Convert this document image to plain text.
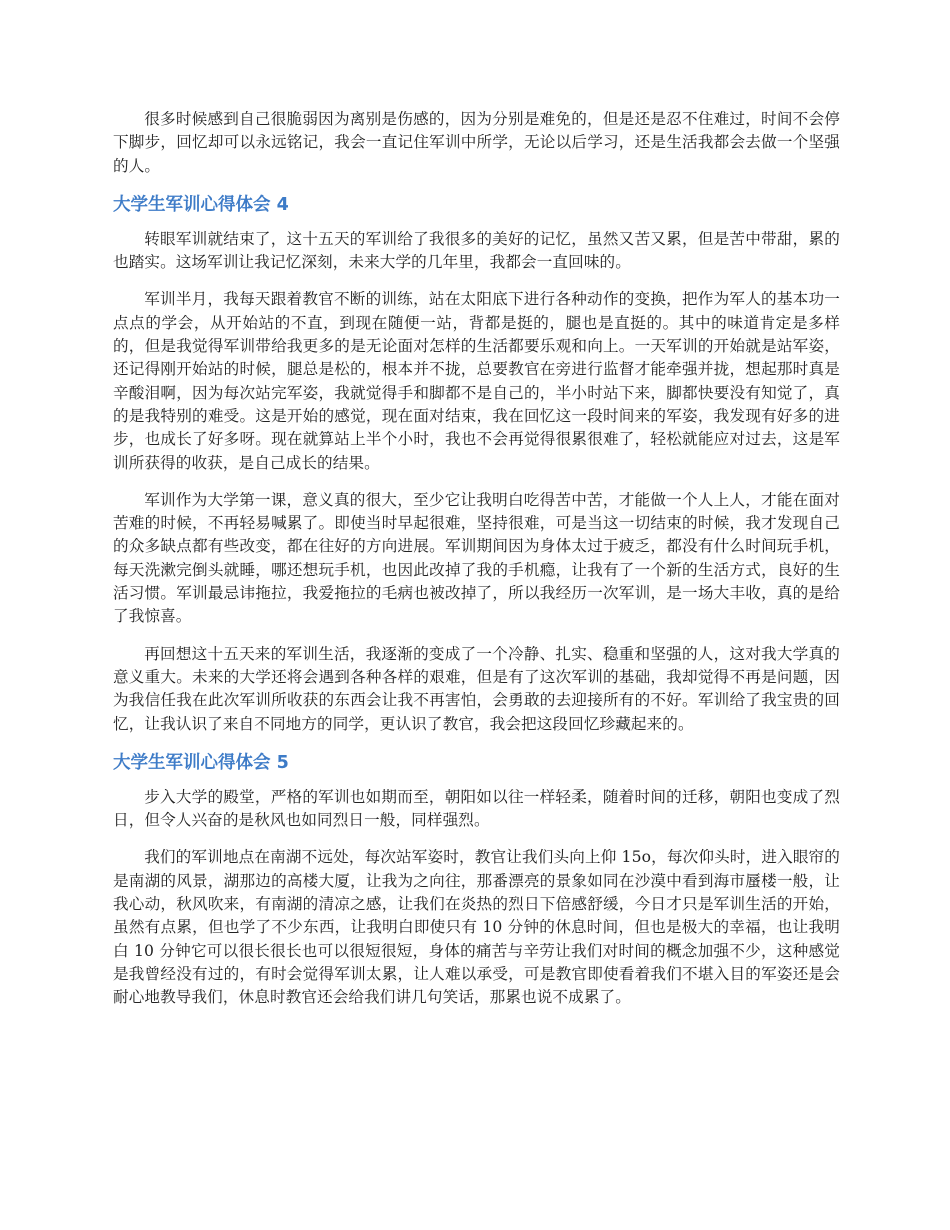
很多时候感到自己很脆弱因为离别是伤感的，因为分别是难免的，但是还是忍不住难过，时间不会停下脚步，回忆却可以永远铭记，我会一直记住军训中所学，无论以后学习，还是生活我都会去做一个坚强的人。

大学生军训心得体会 4

转眼军训就结束了，这十五天的军训给了我很多的美好的记忆，虽然又苦又累，但是苦中带甜，累的也踏实。这场军训让我记忆深刻，未来大学的几年里，我都会一直回味的。

军训半月，我每天跟着教官不断的训练，站在太阳底下进行各种动作的变换，把作为军人的基本功一点点的学会，从开始站的不直，到现在随便一站，背都是挺的，腿也是直挺的。其中的味道肯定是多样的，但是我觉得军训带给我更多的是无论面对怎样的生活都要乐观和向上。一天军训的开始就是站军姿，还记得刚开始站的时候，腿总是松的，根本并不拢，总要教官在旁进行监督才能牵强并拢，想起那时真是辛酸泪啊，因为每次站完军姿，我就觉得手和脚都不是自己的，半小时站下来，脚都快要没有知觉了，真的是我特别的难受。这是开始的感觉，现在面对结束，我在回忆这一段时间来的军姿，我发现有好多的进步，也成长了好多呀。现在就算站上半个小时，我也不会再觉得很累很难了，轻松就能应对过去，这是军训所获得的收获，是自己成长的结果。

军训作为大学第一课，意义真的很大，至少它让我明白吃得苦中苦，才能做一个人上人，才能在面对苦难的时候，不再轻易喊累了。即使当时早起很难，坚持很难，可是当这一切结束的时候，我才发现自己的众多缺点都有些改变，都在往好的方向进展。军训期间因为身体太过于疲乏，都没有什么时间玩手机，每天洗漱完倒头就睡，哪还想玩手机，也因此改掉了我的手机瘾，让我有了一个新的生活方式，良好的生活习惯。军训最忌讳拖拉，我爱拖拉的毛病也被改掉了，所以我经历一次军训，是一场大丰收，真的是给了我惊喜。

再回想这十五天来的军训生活，我逐渐的变成了一个冷静、扎实、稳重和坚强的人，这对我大学真的意义重大。未来的大学还将会遇到各种各样的艰难，但是有了这次军训的基础，我却觉得不再是问题，因为我信任我在此次军训所收获的东西会让我不再害怕，会勇敢的去迎接所有的不好。军训给了我宝贵的回忆，让我认识了来自不同地方的同学，更认识了教官，我会把这段回忆珍藏起来的。

大学生军训心得体会 5

步入大学的殿堂，严格的军训也如期而至，朝阳如以往一样轻柔，随着时间的迁移，朝阳也变成了烈日，但令人兴奋的是秋风也如同烈日一般，同样强烈。

我们的军训地点在南湖不远处，每次站军姿时，教官让我们头向上仰 15o，每次仰头时，进入眼帘的是南湖的风景，湖那边的高楼大厦，让我为之向往，那番漂亮的景象如同在沙漠中看到海市蜃楼一般，让我心动，秋风吹来，有南湖的清凉之感，让我们在炎热的烈日下倍感舒缓，今日才只是军训生活的开始，虽然有点累，但也学了不少东西，让我明白即使只有 10 分钟的休息时间，但也是极大的幸福，也让我明白 10 分钟它可以很长很长也可以很短很短，身体的痛苦与辛劳让我们对时间的概念加强不少，这种感觉是我曾经没有过的，有时会觉得军训太累，让人难以承受，可是教官即使看着我们不堪入目的军姿还是会耐心地教导我们，休息时教官还会给我们讲几句笑话，那累也说不成累了。
